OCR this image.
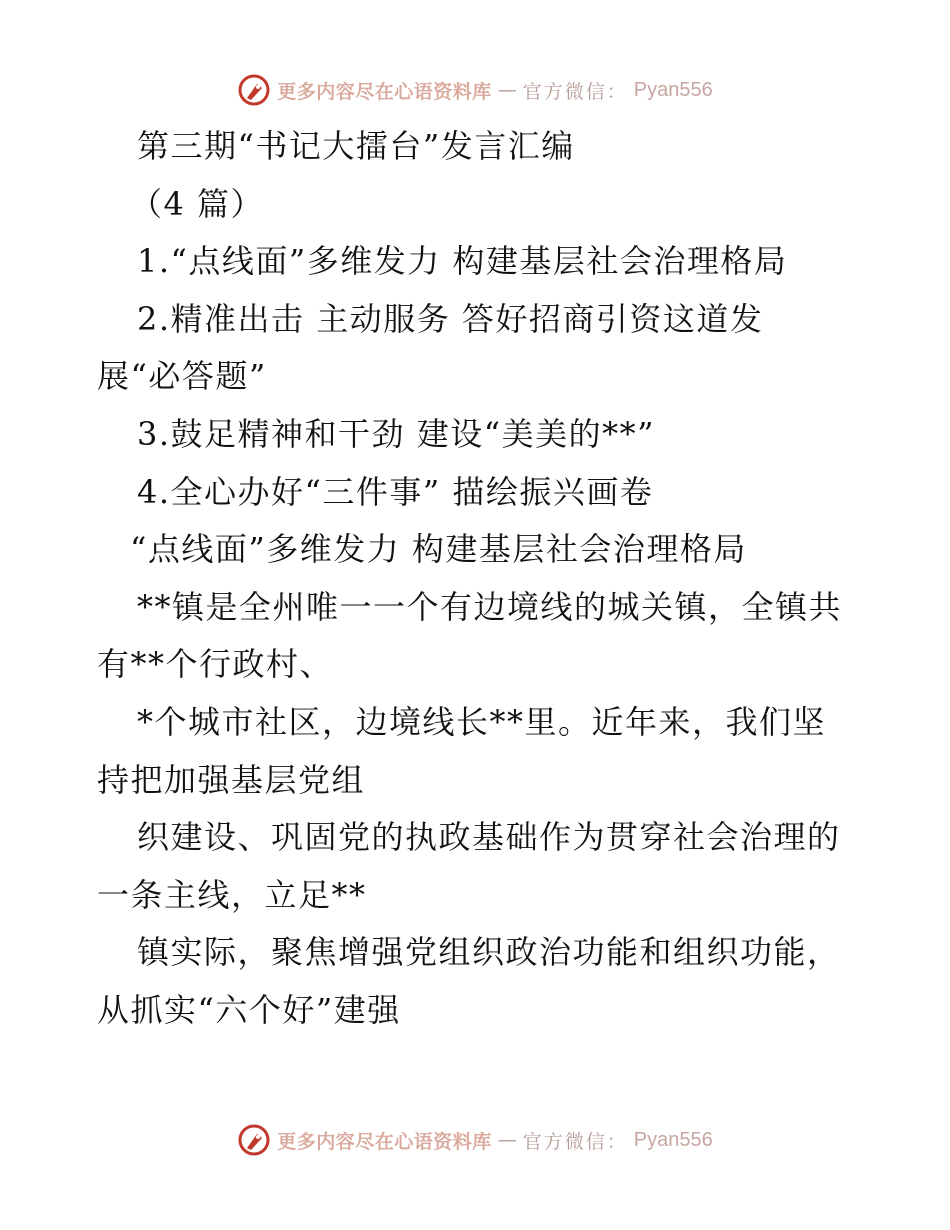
更多内容尽在心语资料库 — 官方微信： Pyan556
第三期“书记大擂台”发言汇编
（4 篇）
1.“点线面”多维发力 构建基层社会治理格局
2.精准出击 主动服务 答好招商引资这道发
展“必答题”
3.鼓足精神和干劲 建设“美美的**”
4.全心办好“三件事” 描绘振兴画卷
“点线面”多维发力 构建基层社会治理格局
**镇是全州唯一一个有边境线的城关镇，全镇共
有**个行政村、
*个城市社区，边境线长**里。近年来，我们坚
持把加强基层党组
织建设、巩固党的执政基础作为贯穿社会治理的
一条主线，立足**
镇实际，聚焦增强党组织政治功能和组织功能，
从抓实“六个好”建强
更多内容尽在心语资料库 — 官方微信： Pyan556
